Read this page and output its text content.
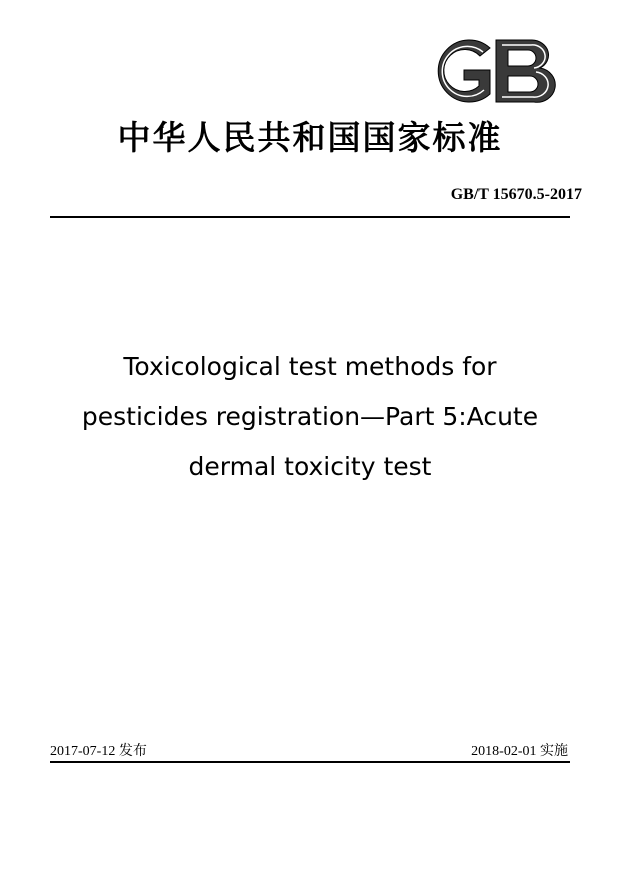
中华人民共和国国家标准
GB/T 15670.5-2017
Toxicological test methods for
pesticides registration—Part 5:Acute
dermal toxicity test
2017-07-12 发布	2018-02-01 实施
